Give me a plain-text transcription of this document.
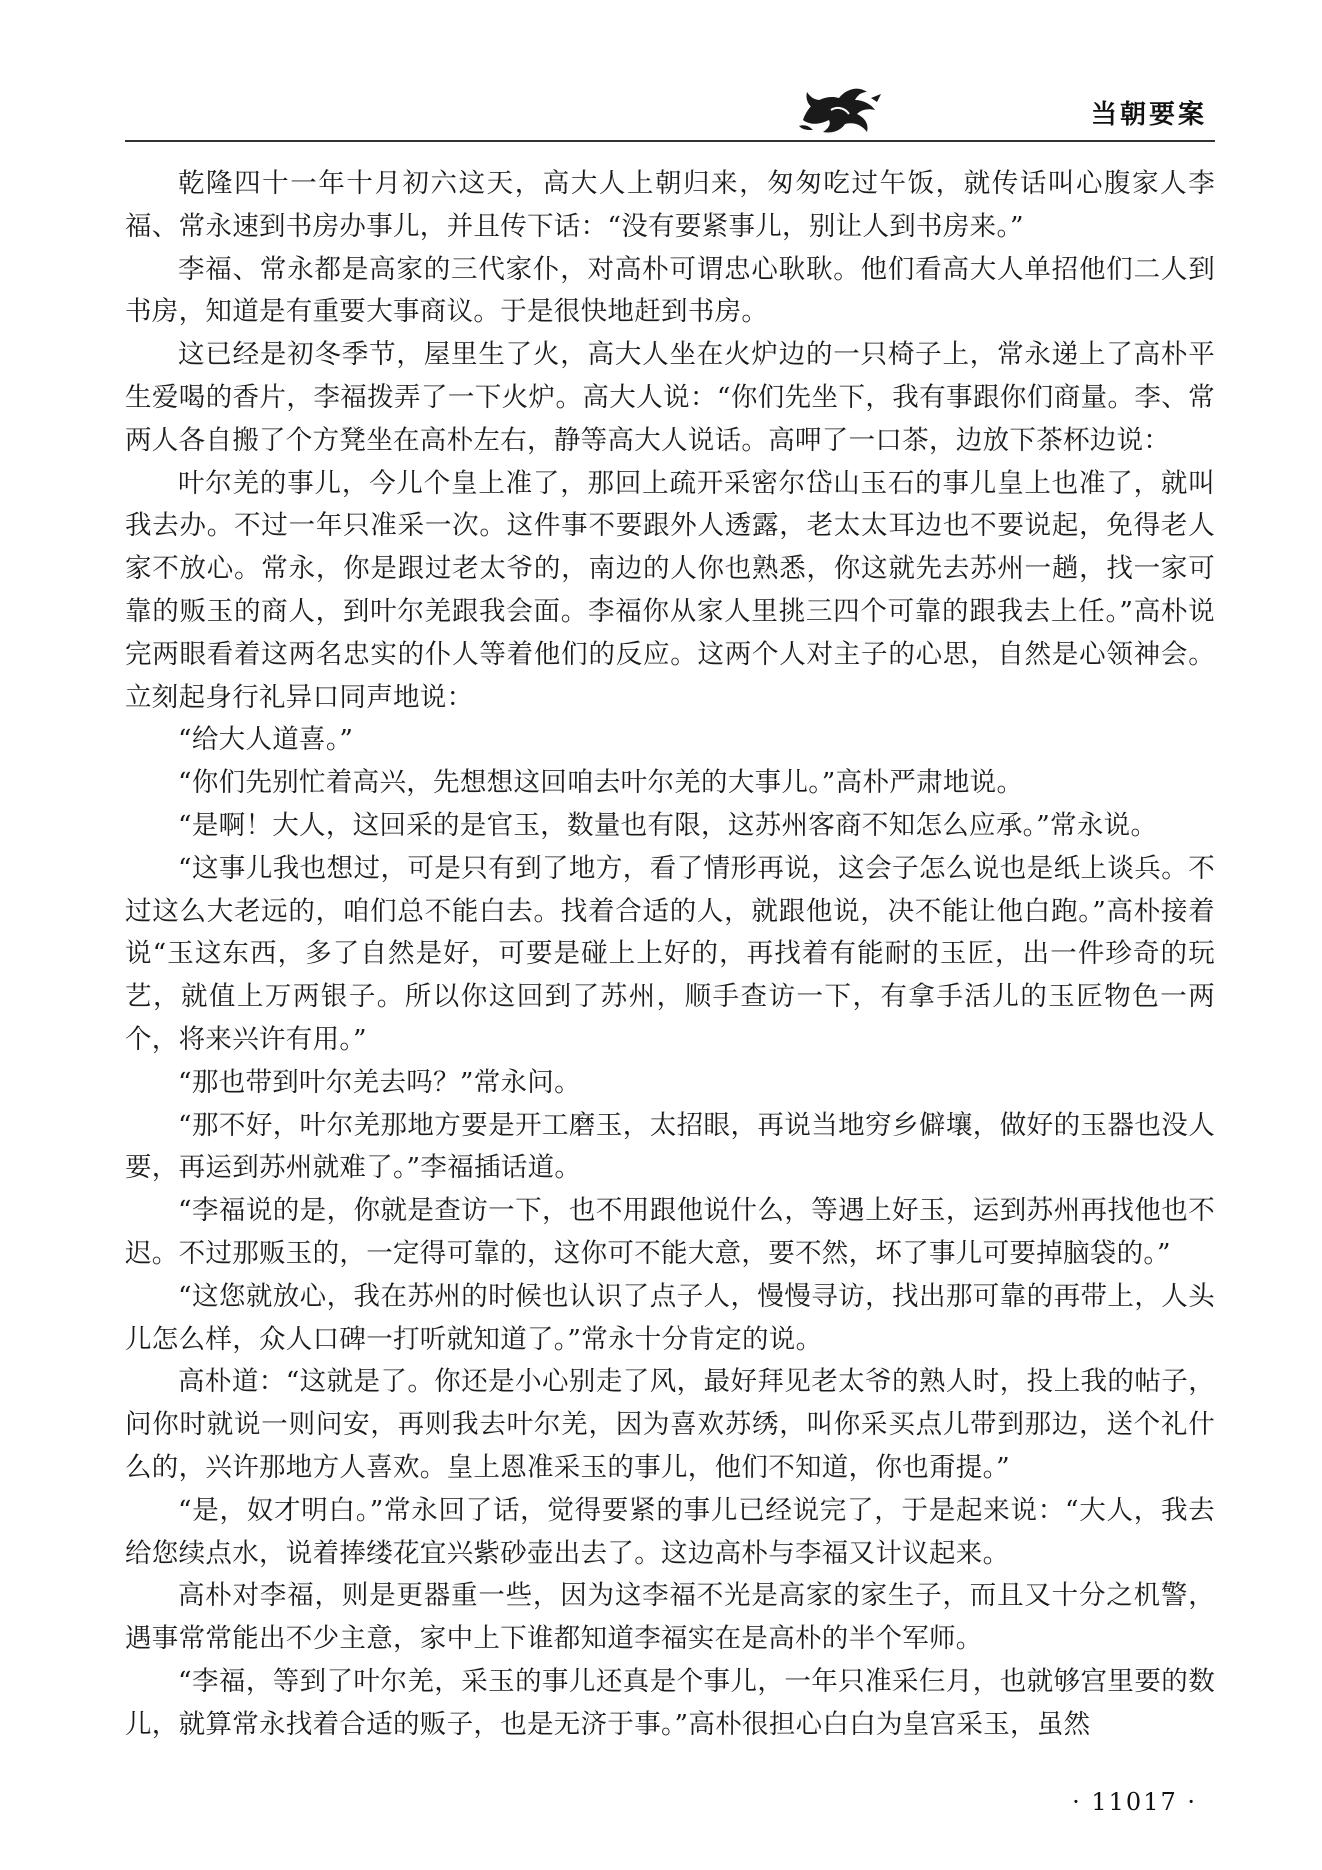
当朝要案

乾隆四十一年十月初六这天，高大人上朝归来，匆匆吃过午饭，就传话叫心腹家人李福、常永速到书房办事儿，并且传下话：“没有要紧事儿，别让人到书房来。”

李福、常永都是高家的三代家仆，对高朴可谓忠心耿耿。他们看高大人单招他们二人到书房，知道是有重要大事商议。于是很快地赶到书房。

这已经是初冬季节，屋里生了火，高大人坐在火炉边的一只椅子上，常永递上了高朴平生爱喝的香片，李福拨弄了一下火炉。高大人说：“你们先坐下，我有事跟你们商量。李、常两人各自搬了个方凳坐在高朴左右，静等高大人说话。高呷了一口茶，边放下茶杯边说：

叶尔羌的事儿，今儿个皇上准了，那回上疏开采密尔岱山玉石的事儿皇上也准了，就叫我去办。不过一年只准采一次。这件事不要跟外人透露，老太太耳边也不要说起，免得老人家不放心。常永，你是跟过老太爷的，南边的人你也熟悉，你这就先去苏州一趟，找一家可靠的贩玉的商人，到叶尔羌跟我会面。李福你从家人里挑三四个可靠的跟我去上任。”高朴说完两眼看着这两名忠实的仆人等着他们的反应。这两个人对主子的心思，自然是心领神会。立刻起身行礼异口同声地说：

“给大人道喜。”

“你们先别忙着高兴，先想想这回咱去叶尔羌的大事儿。”高朴严肃地说。

“是啊！大人，这回采的是官玉，数量也有限，这苏州客商不知怎么应承。”常永说。

“这事儿我也想过，可是只有到了地方，看了情形再说，这会子怎么说也是纸上谈兵。不过这么大老远的，咱们总不能白去。找着合适的人，就跟他说，决不能让他白跑。”高朴接着说“玉这东西，多了自然是好，可要是碰上上好的，再找着有能耐的玉匠，出一件珍奇的玩艺，就值上万两银子。所以你这回到了苏州，顺手查访一下，有拿手活儿的玉匠物色一两个，将来兴许有用。”

“那也带到叶尔羌去吗？”常永问。

“那不好，叶尔羌那地方要是开工磨玉，太招眼，再说当地穷乡僻壤，做好的玉器也没人要，再运到苏州就难了。”李福插话道。

“李福说的是，你就是查访一下，也不用跟他说什么，等遇上好玉，运到苏州再找他也不迟。不过那贩玉的，一定得可靠的，这你可不能大意，要不然，坏了事儿可要掉脑袋的。”

“这您就放心，我在苏州的时候也认识了点子人，慢慢寻访，找出那可靠的再带上，人头儿怎么样，众人口碑一打听就知道了。”常永十分肯定的说。

高朴道：“这就是了。你还是小心别走了风，最好拜见老太爷的熟人时，投上我的帖子，问你时就说一则问安，再则我去叶尔羌，因为喜欢苏绣，叫你采买点儿带到那边，送个礼什么的，兴许那地方人喜欢。皇上恩准采玉的事儿，他们不知道，你也甭提。”

“是，奴才明白。”常永回了话，觉得要紧的事儿已经说完了，于是起来说：“大人，我去给您续点水，说着捧缕花宜兴紫砂壶出去了。这边高朴与李福又计议起来。

高朴对李福，则是更器重一些，因为这李福不光是高家的家生子，而且又十分之机警，遇事常常能出不少主意，家中上下谁都知道李福实在是高朴的半个军师。

“李福，等到了叶尔羌，采玉的事儿还真是个事儿，一年只准采仨月，也就够宫里要的数儿，就算常永找着合适的贩子，也是无济于事。”高朴很担心白白为皇宫采玉，虽然

· 11017 ·
